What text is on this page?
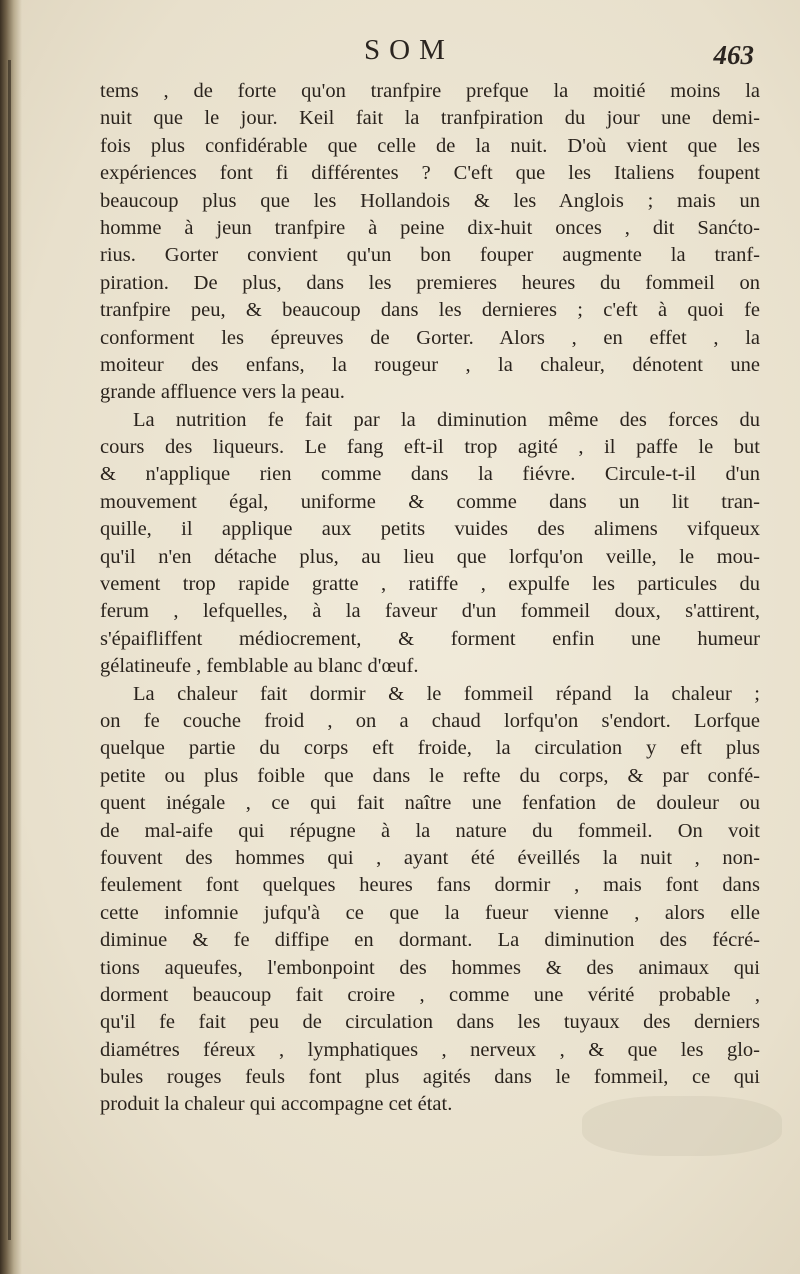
SOM	463
tems , de forte qu'on tranfpire prefque la moitié moins la
nuit que le jour. Keil fait la tranfpiration du jour une demi-
fois plus confidérable que celle de la nuit. D'où vient que les
expériences font fi différentes ? C'eft que les Italiens foupent
beaucoup plus que les Hollandois & les Anglois ; mais un
homme à jeun tranfpire à peine dix-huit onces , dit Sanćto-
rius. Gorter convient qu'un bon fouper augmente la tranf-
piration. De plus, dans les premieres heures du fommeil on
tranfpire peu, & beaucoup dans les dernieres ; c'eft à quoi fe
conforment les épreuves de Gorter. Alors , en effet , la
moiteur des enfans, la rougeur , la chaleur, dénotent une
grande affluence vers la peau.
La nutrition fe fait par la diminution même des forces du
cours des liqueurs. Le fang eft-il trop agité , il paffe le but
& n'applique rien comme dans la fiévre. Circule-t-il d'un
mouvement égal, uniforme & comme dans un lit tran-
quille, il applique aux petits vuides des alimens vifqueux
qu'il n'en détache plus, au lieu que lorfqu'on veille, le mou-
vement trop rapide gratte , ratiffe , expulfe les particules du
ferum , lefquelles, à la faveur d'un fommeil doux, s'attirent,
s'épaifliffent médiocrement, & forment enfin une humeur
gélatineufe , femblable au blanc d'œuf.
La chaleur fait dormir & le fommeil répand la chaleur ;
on fe couche froid , on a chaud lorfqu'on s'endort. Lorfque
quelque partie du corps eft froide, la circulation y eft plus
petite ou plus foible que dans le refte du corps, & par confé-
quent inégale , ce qui fait naître une fenfation de douleur ou
de mal-aife qui répugne à la nature du fommeil. On voit
fouvent des hommes qui , ayant été éveillés la nuit , non-
feulement font quelques heures fans dormir , mais font dans
cette infomnie jufqu'à ce que la fueur vienne , alors elle
diminue & fe diffipe en dormant. La diminution des fécré-
tions aqueufes, l'embonpoint des hommes & des animaux qui
dorment beaucoup fait croire , comme une vérité probable ,
qu'il fe fait peu de circulation dans les tuyaux des derniers
diamétres féreux , lymphatiques , nerveux , & que les glo-
bules rouges feuls font plus agités dans le fommeil, ce qui
produit la chaleur qui accompagne cet état.
